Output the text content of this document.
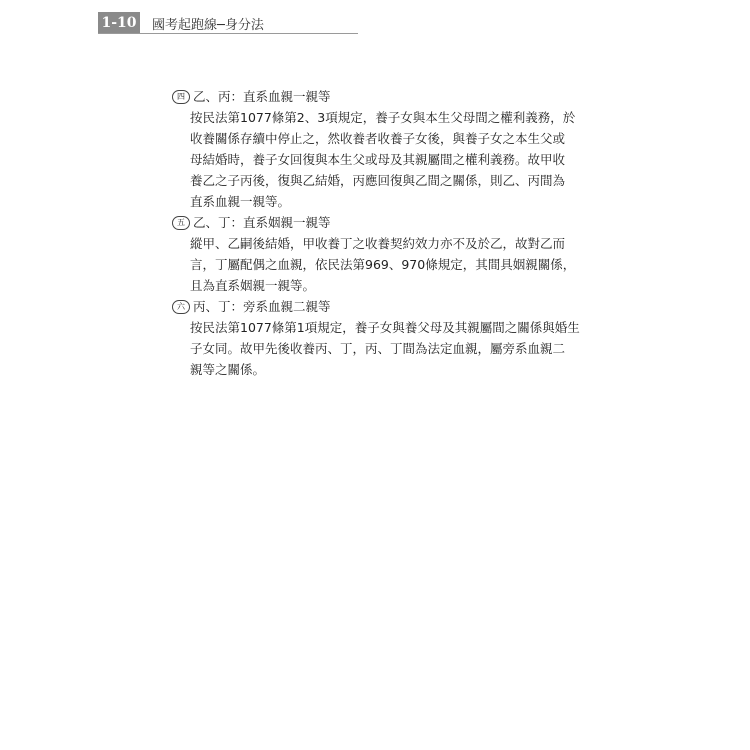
1-10 國考起跑線─身分法
四 乙、丙：直系血親一親等
按民法第1077條第2、3項規定，養子女與本生父母間之權利義務，於
收養關係存續中停止之，然收養者收養子女後，與養子女之本生父或
母結婚時，養子女回復與本生父或母及其親屬間之權利義務。故甲收
養乙之子丙後，復與乙結婚，丙應回復與乙間之關係，則乙、丙間為
直系血親一親等。
五 乙、丁：直系姻親一親等
縱甲、乙嗣後結婚，甲收養丁之收養契約效力亦不及於乙，故對乙而
言，丁屬配偶之血親，依民法第969、970條規定，其間具姻親關係，
且為直系姻親一親等。
六 丙、丁：旁系血親二親等
按民法第1077條第1項規定，養子女與養父母及其親屬間之關係與婚生
子女同。故甲先後收養丙、丁，丙、丁間為法定血親，屬旁系血親二
親等之關係。
